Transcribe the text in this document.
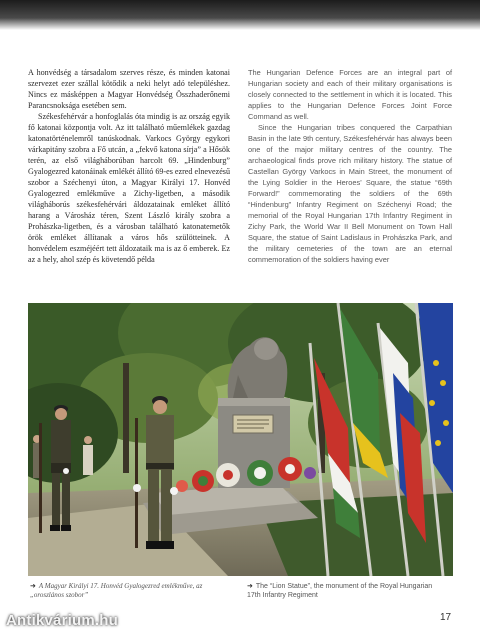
A honvédség a társadalom szerves része, és minden katonai szervezet ezer szállal kötődik a neki helyt adó településhez. Nincs ez másképpen a Magyar Honvédség Összhaderőnemi Parancsnoksága esetében sem.

Székesfehérvár a honfoglalás óta mindig is az ország egyik fő katonai központja volt. Az itt található műemlékek gazdag katonatörténelemről tanúskodnak. Varkocs György egykori várkapitány szobra a Fő utcán, a „fekvő katona sírja” a Hősök terén, az első világháborúban harcolt 69. „Hindenburg” Gyalogezred katonáinak emlékét állító 69-es ezred elnevezésű szobor a Széchenyi úton, a Magyar Királyi 17. Honvéd Gyalogezred emlékműve a Zichy-ligetben, a második világháborús székesfehérvári áldozatainak emléket állító harang a Városház téren, Szent László király szobra a Prohászka-ligetben, és a városban található katonatemetők örök emléket állítanak a város hős szülötteinek. A honvédelem eszméjéért tett áldozataik ma is az ő emberek. Ez az a hely, ahol szép és követendő példa

The Hungarian Defence Forces are an integral part of Hungarian society and each of their military organisations is closely connected to the settlement in which it is located. This applies to the Hungarian Defence Forces Joint Force Command as well.

Since the Hungarian tribes conquered the Carpathian Basin in the late 9th century, Székesfehérvár has always been one of the major military centres of the country. The archaeological finds prove rich military history. The statue of Castellan György Varkocs in Main Street, the monument of the Lying Soldier in the Heroes’ Square, the statue “69th Forward!” commemorating the soldiers of the 69th “Hindenburg” Infantry Regiment on Széchenyi Road; the memorial of the Royal Hungarian 17th Infantry Regiment in Zichy Park, the World War II Bell Monument on Town Hall Square, the statue of Saint Ladislaus in Prohászka Park, and the military cemeteries of the town are an eternal commemoration of the soldiers having ever

➜ A Magyar Királyi 17. Honvéd Gyalogezred emlékműve, az „oroszlános szobor”
➜ The “Lion Statue”, the monument of the Royal Hungarian 17th Infantry Regiment
17
Antikvárium.hu
